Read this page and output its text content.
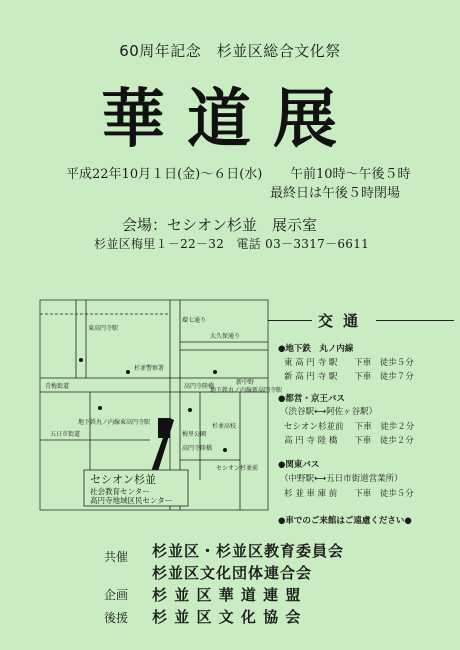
60周年記念　杉並区総合文化祭
華道展
平成22年10月１日(金)～６日(水) 午前10時～午後５時
最終日は午後５時閉場
会場：セシオン杉並　展示室
杉並区梅里１－22－32　電話 03－3317－6611
東高円寺駅
環七通り
青梅街道
大久保通り
杉並警察署
高円寺陸橋
地下鉄丸ノ内線新高円寺駅
新中野
地下鉄丸ノ内線東高円寺駅
梅里公園
杉並高校
五日市街道
高円寺陸橋
セシオン杉並前
セシオン杉並
社会教育センター
高円寺地域区民センター
交通
●地下鉄　丸ノ内線
東 高 円 寺 駅　　下車　徒歩５分
新 高 円 寺 駅　　下車　徒歩７分
●都営・京王バス
（渋谷駅⟷阿佐ヶ谷駅）
セシオン杉並前　 下車　徒歩２分
高 円 寺 陸 橋　　下車　徒歩２分
●関東バス
（中野駅⟷五日市街道営業所）
杉 並 車 庫 前　　下車　徒歩５分
●車でのご来館はご遠慮ください●
共催 杉並区・杉並区教育委員会
杉並区文化団体連合会
企画 杉 並 区 華 道 連 盟
後援 杉 並 区 文 化 協 会
